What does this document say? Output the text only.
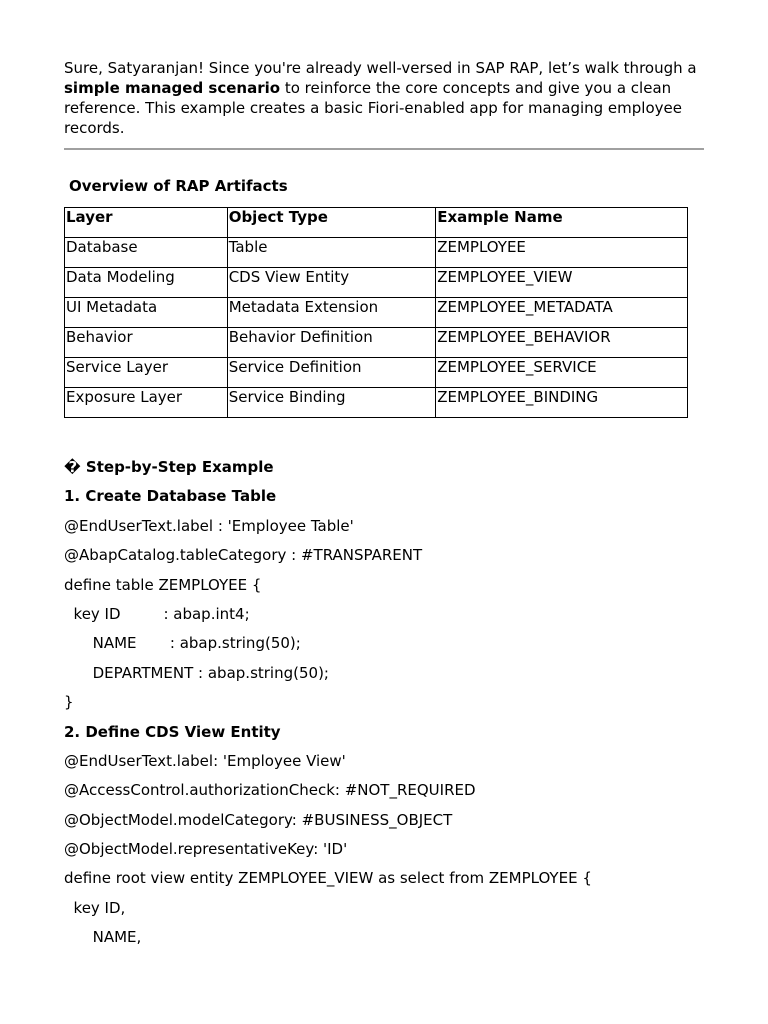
Sure, Satyaranjan! Since you're already well-versed in SAP RAP, let’s walk through a simple managed scenario to reinforce the core concepts and give you a clean reference. This example creates a basic Fiori-enabled app for managing employee records.

Overview of RAP Artifacts
Layer	Object Type	Example Name
Database	Table	ZEMPLOYEE
Data Modeling	CDS View Entity	ZEMPLOYEE_VIEW
UI Metadata	Metadata Extension	ZEMPLOYEE_METADATA
Behavior	Behavior Definition	ZEMPLOYEE_BEHAVIOR
Service Layer	Service Definition	ZEMPLOYEE_SERVICE
Exposure Layer	Service Binding	ZEMPLOYEE_BINDING

� Step-by-Step Example

1. Create Database Table

@EndUserText.label : 'Employee Table'

@AbapCatalog.tableCategory : #TRANSPARENT

define table ZEMPLOYEE {

key ID         : abap.int4;

NAME       : abap.string(50);

DEPARTMENT : abap.string(50);

}

2. Define CDS View Entity

@EndUserText.label: 'Employee View'

@AccessControl.authorizationCheck: #NOT_REQUIRED

@ObjectModel.modelCategory: #BUSINESS_OBJECT

@ObjectModel.representativeKey: 'ID'

define root view entity ZEMPLOYEE_VIEW as select from ZEMPLOYEE {

key ID,

NAME,
